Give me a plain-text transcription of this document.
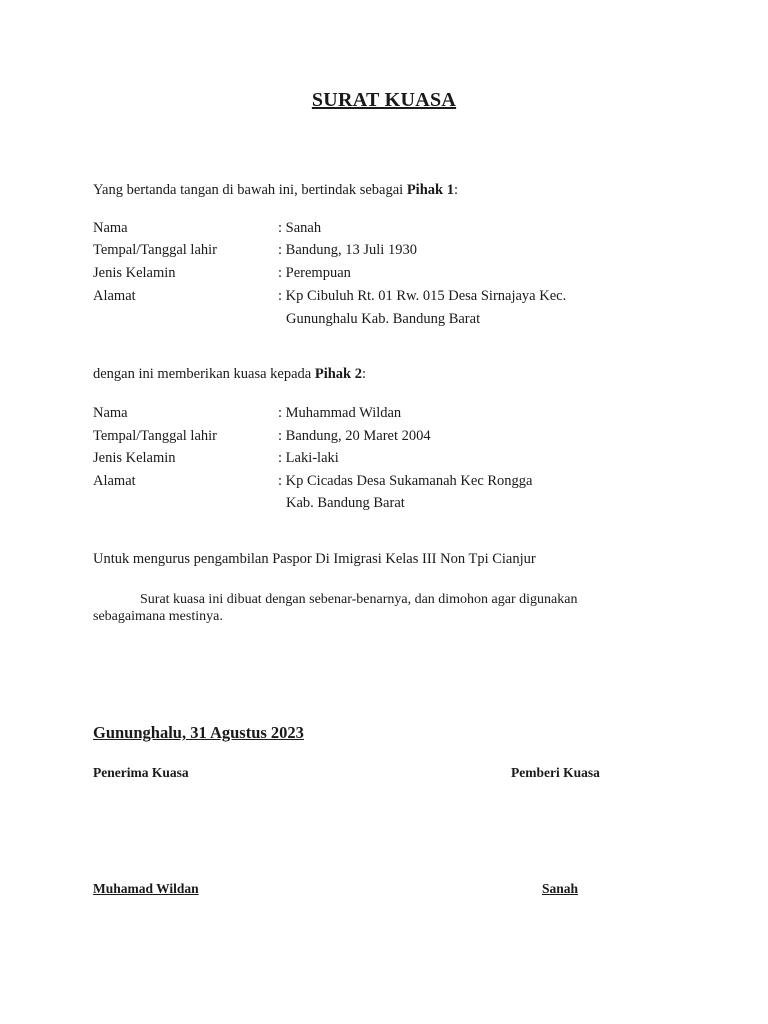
SURAT KUASA
Yang bertanda tangan di bawah ini, bertindak sebagai Pihak 1:
Nama	: Sanah
Tempal/Tanggal lahir	: Bandung, 13 Juli 1930
Jenis Kelamin	: Perempuan
Alamat	: Kp Cibuluh Rt. 01 Rw. 015 Desa Sirnajaya Kec.
Gununghalu Kab. Bandung Barat
dengan ini memberikan kuasa kepada Pihak 2:
Nama	: Muhammad Wildan
Tempal/Tanggal lahir	: Bandung, 20 Maret 2004
Jenis Kelamin	: Laki-laki
Alamat	: Kp Cicadas Desa Sukamanah Kec Rongga
Kab. Bandung Barat
Untuk mengurus pengambilan Paspor Di Imigrasi Kelas III Non Tpi Cianjur
Surat kuasa ini dibuat dengan sebenar-benarnya, dan dimohon agar digunakan
sebagaimana mestinya.
Gununghalu, 31 Agustus 2023
Penerima Kuasa	Pemberi Kuasa
Muhamad Wildan	Sanah
